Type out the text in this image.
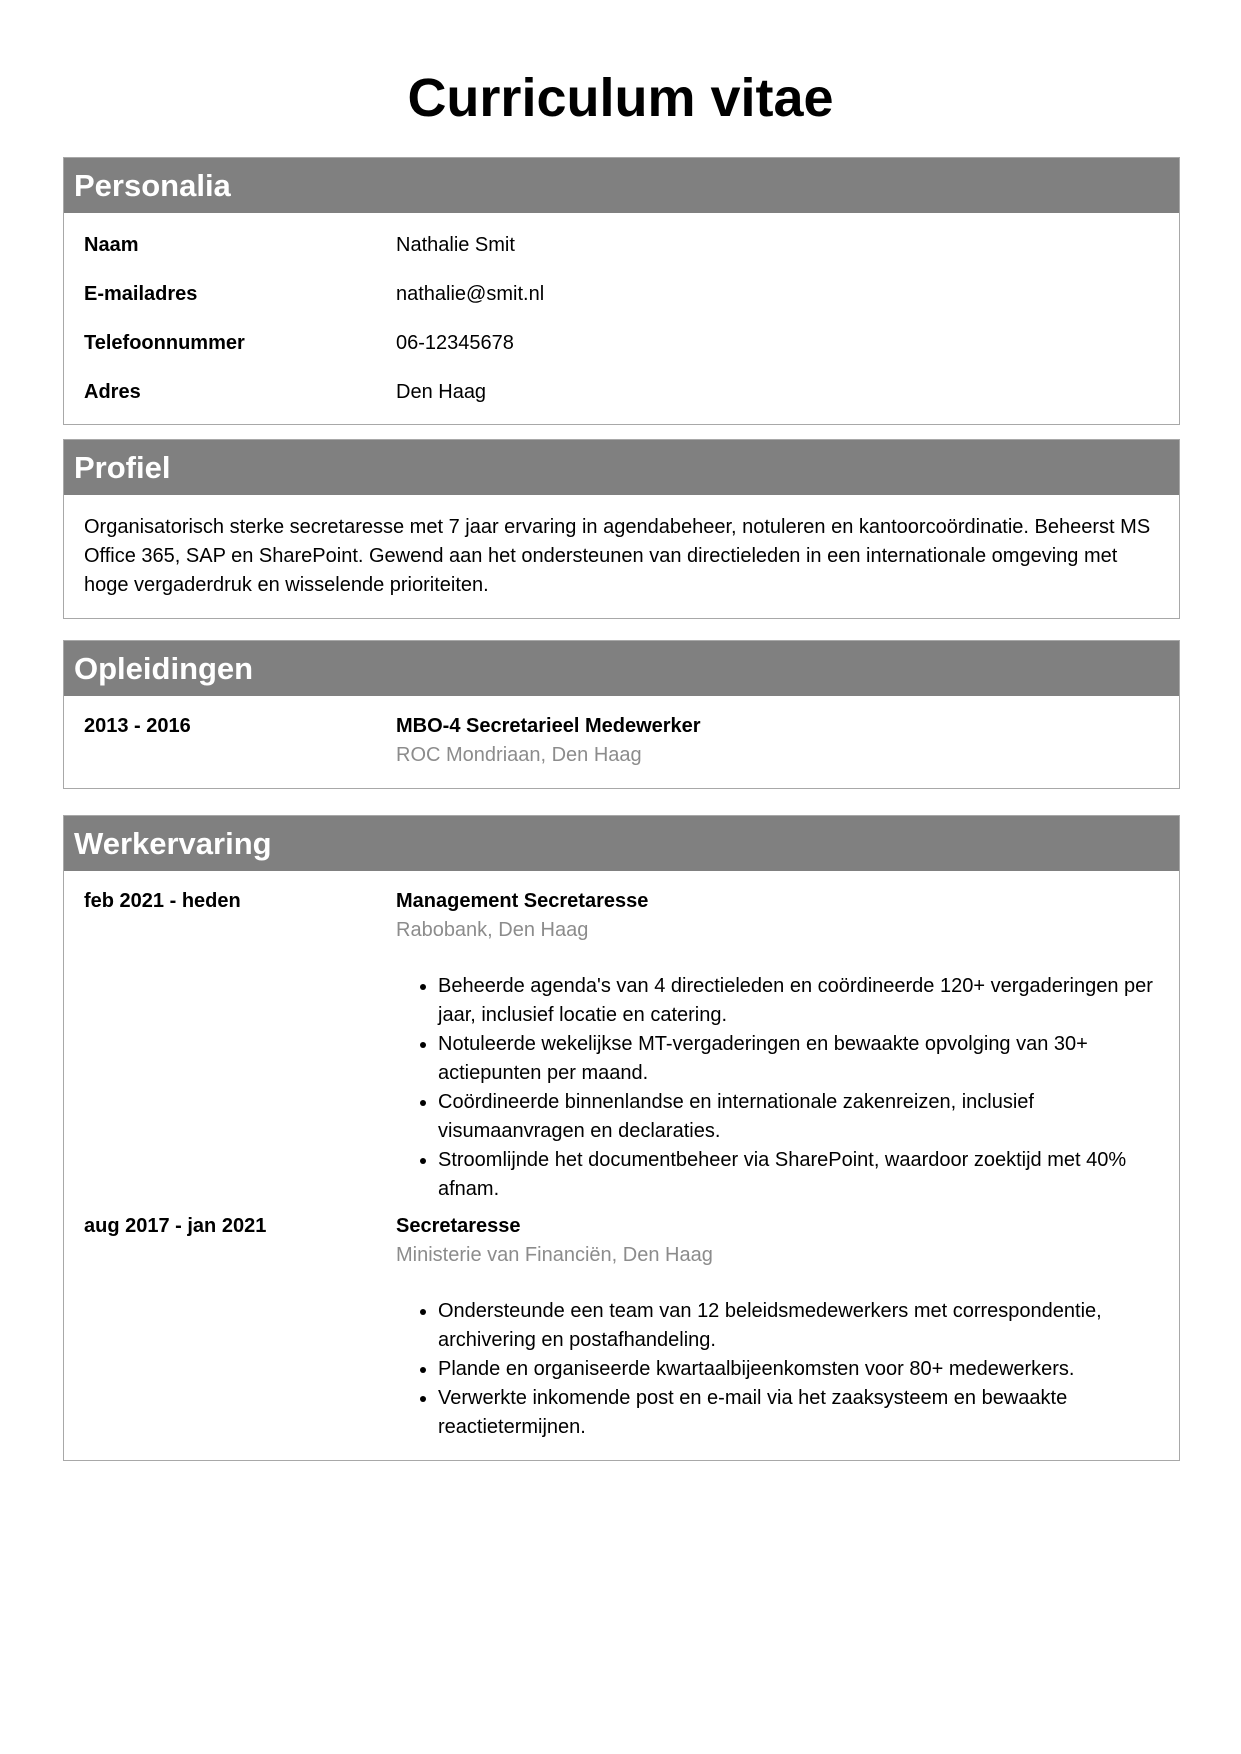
Curriculum vitae
Personalia
Naam	Nathalie Smit
E-mailadres	nathalie@smit.nl
Telefoonnummer	06-12345678
Adres	Den Haag
Profiel

Organisatorisch sterke secretaresse met 7 jaar ervaring in agendabeheer, notuleren en kantoorcoördinatie. Beheerst MS Office 365, SAP en SharePoint. Gewend aan het ondersteunen van directieleden in een internationale omgeving met hoge vergaderdruk en wisselende prioriteiten.

Opleidingen
2013 - 2016	MBO-4 Secretarieel Medewerker
ROC Mondriaan, Den Haag
Werkervaring
feb 2021 - heden	Management Secretaresse
Rabobank, Den Haag
• Beheerde agenda's van 4 directieleden en coördineerde 120+ vergaderingen per jaar, inclusief locatie en catering.
• Notuleerde wekelijkse MT-vergaderingen en bewaakte opvolging van 30+ actiepunten per maand.
• Coördineerde binnenlandse en internationale zakenreizen, inclusief visumaanvragen en declaraties.
• Stroomlijnde het documentbeheer via SharePoint, waardoor zoektijd met 40% afnam.
aug 2017 - jan 2021	Secretaresse
Ministerie van Financiën, Den Haag
• Ondersteunde een team van 12 beleidsmedewerkers met correspondentie, archivering en postafhandeling.
• Plande en organiseerde kwartaalbijeenkomsten voor 80+ medewerkers.
• Verwerkte inkomende post en e-mail via het zaaksysteem en bewaakte reactietermijnen.
